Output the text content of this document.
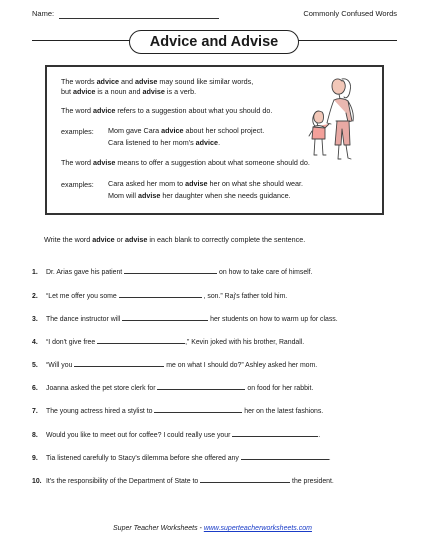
Name:	Commonly Confused Words
Advice and Advise

The words advice and advise may sound like similar words,

but advice is a noun and advise is a verb.

The word advice refers to a suggestion about what you should do.

examples: Mom gave Cara advice about her school project.

Cara listened to her mom's advice.

The word advise means to offer a suggestion about what someone should do.

examples: Cara asked her mom to advise her on what she should wear.

Mom will advise her daughter when she needs guidance.

Write the word advice or advise in each blank to correctly complete the sentence.
1. Dr. Arias gave his patient	on how to take care of himself.
2. “Let me offer you some	, son.” Raj's father told him.
3. The dance instructor will	her students on how to warm up for class.
4. “I don't give free	,” Kevin joked with his brother, Randall.
5. “Will you	me on what I should do?” Ashley asked her mom.
6. Joanna asked the pet store clerk for	on food for her rabbit.
7. The young actress hired a stylist to	her on the latest fashions.
8. Would you like to meet out for coffee? I could really use your	.
9. Tia listened carefully to Stacy's dilemma before she offered any	.
10. It's the responsibility of the Department of State to	the president.
Super Teacher Worksheets - www.superteacherworksheets.com
